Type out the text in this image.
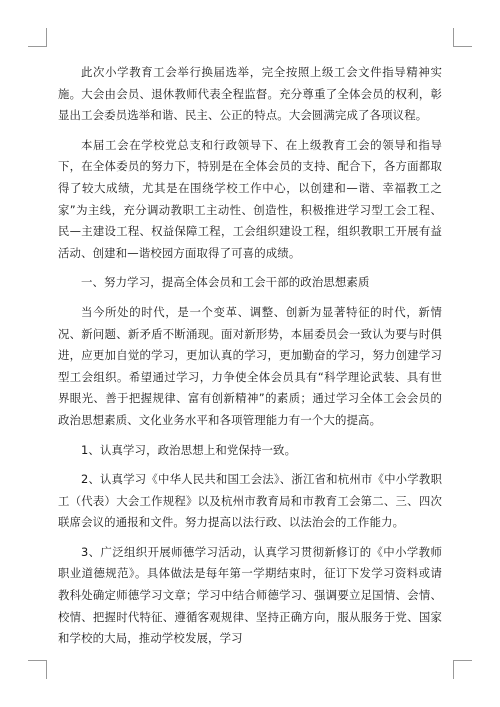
此次小学教育工会举行换届选举，完全按照上级工会文件指导精神实施。大会由会员、退休教师代表全程监督。充分尊重了全体会员的权利，彰显出工会委员选举和谐、民主、公正的特点。大会圆满完成了各项议程。

本届工会在学校党总支和行政领导下、在上级教育工会的领导和指导下，在全体委员的努力下，特别是在全体会员的支持、配合下，各方面都取得了较大成绩，尤其是在围绕学校工作中心，以创建和—谐、幸福教工之家”为主线，充分调动教职工主动性、创造性，积极推进学习型工会工程、民—主建设工程、权益保障工程，工会组织建设工程，组织教职工开展有益活动、创建和—谐校园方面取得了可喜的成绩。

一、努力学习，提高全体会员和工会干部的政治思想素质

当今所处的时代，是一个变革、调整、创新为显著特征的时代，新情况、新问题、新矛盾不断涌现。面对新形势，本届委员会一致认为要与时俱进，应更加自觉的学习，更加认真的学习，更加勤奋的学习，努力创建学习型工会组织。希望通过学习，力争使全体会员具有“科学理论武装、具有世界眼光、善于把握规律、富有创新精神”的素质；通过学习全体工会会员的政治思想素质、文化业务水平和各项管理能力有一个大的提高。

1、认真学习，政治思想上和党保持一致。

2、认真学习《中华人民共和国工会法》、浙江省和杭州市《中小学教职工（代表）大会工作规程》以及杭州市教育局和市教育工会第二、三、四次联席会议的通报和文件。努力提高以法行政、以法治会的工作能力。

3、广泛组织开展师德学习活动，认真学习贯彻新修订的《中小学教师职业道德规范》。具体做法是每年第一学期结束时，征订下发学习资料或请教科处确定师德学习文章；学习中结合师德学习、强调要立足国情、会情、校情、把握时代特征、遵循客观规律、坚持正确方向，服从服务于党、国家和学校的大局，推动学校发展，学习
